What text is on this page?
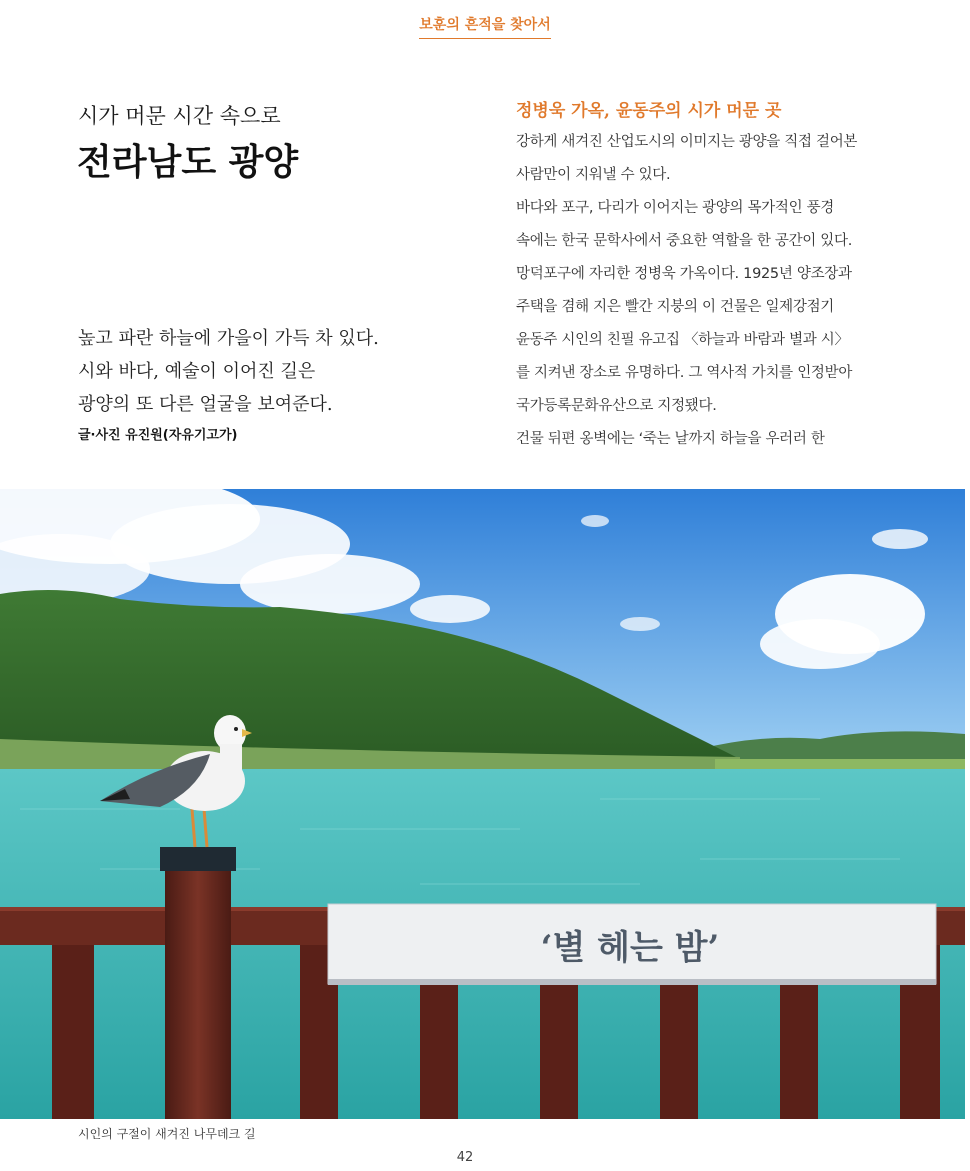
보훈의 흔적을 찾아서
시가 머문 시간 속으로
전라남도 광양
높고 파란 하늘에 가을이 가득 차 있다.
시와 바다, 예술이 이어진 길은
광양의 또 다른 얼굴을 보여준다.
글·사진 유진원(자유기고가)
정병욱 가옥, 윤동주의 시가 머문 곳
강하게 새겨진 산업도시의 이미지는 광양을 직접 걸어본
사람만이 지워낼 수 있다.
바다와 포구, 다리가 이어지는 광양의 목가적인 풍경
속에는 한국 문학사에서 중요한 역할을 한 공간이 있다.
망덕포구에 자리한 정병욱 가옥이다. 1925년 양조장과
주택을 겸해 지은 빨간 지붕의 이 건물은 일제강점기
윤동주 시인의 친필 유고집 〈하늘과 바람과 별과 시〉
를 지켜낸 장소로 유명하다. 그 역사적 가치를 인정받아
국가등록문화유산으로 지정됐다.
건물 뒤편 옹벽에는 ‘죽는 날까지 하늘을 우러러 한
‘별 헤는 밤’
시인의 구절이 새겨진 나무데크 길
42
